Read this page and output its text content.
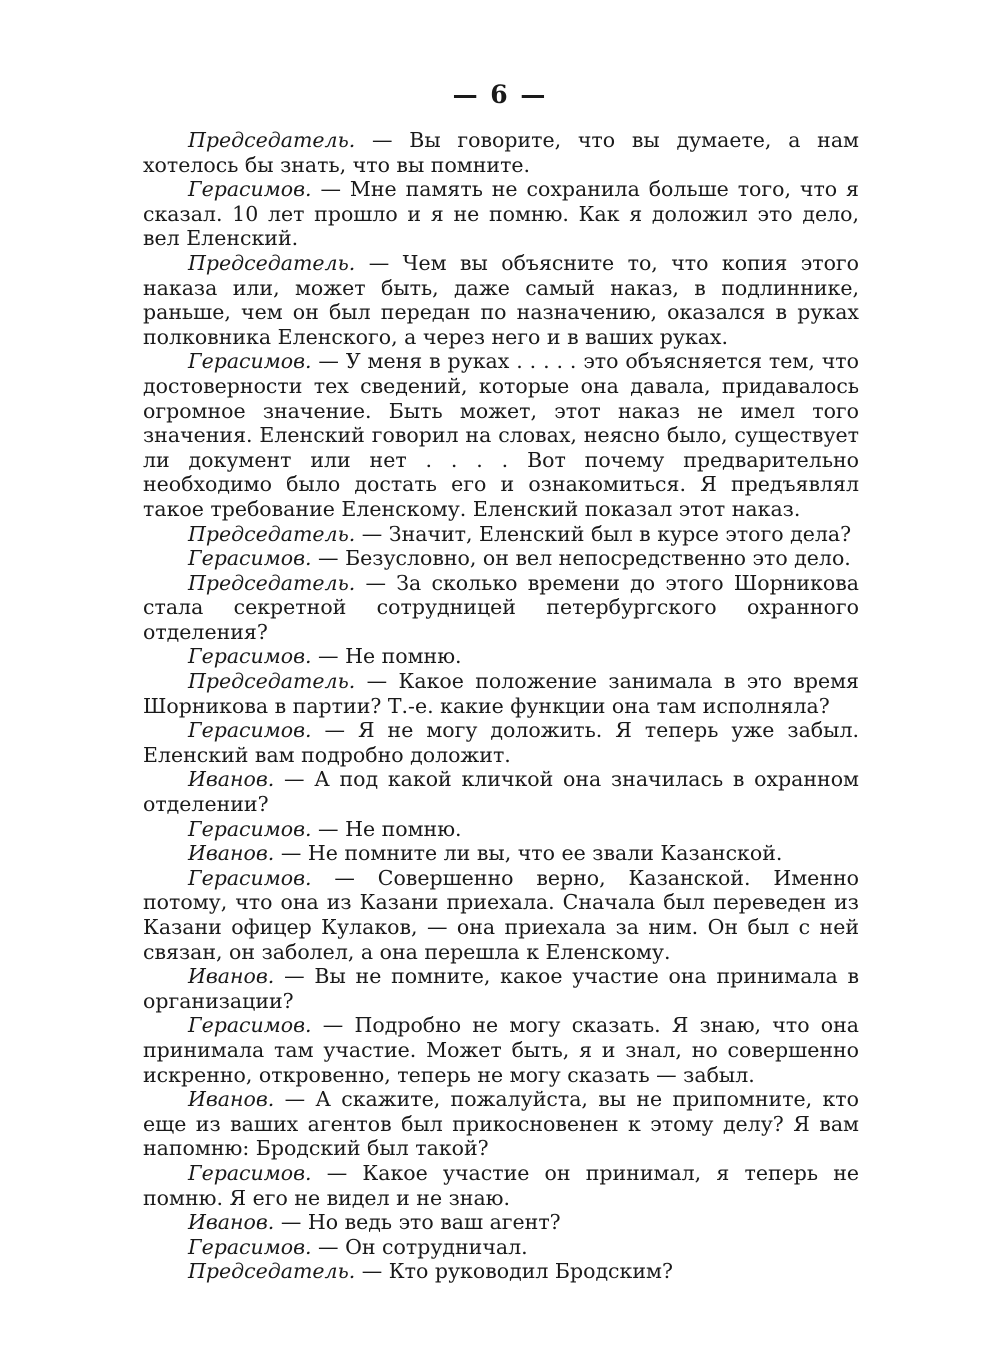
— 6 —

Председатель. — Вы говорите, что вы думаете, а нам хотелось бы знать, что вы помните.

Герасимов. — Мне память не сохранила больше того, что я сказал. 10 лет прошло и я не помню. Как я доложил это дело, вел Еленский.

Председатель. — Чем вы объясните то, что копия этого наказа или, может быть, даже самый наказ, в подлиннике, раньше, чем он был передан по назначению, оказался в руках полковника Еленского, а через него и в ваших руках.

Герасимов. — У меня в руках . . . . . это объясняется тем, что достоверности тех сведений, которые она давала, придавалось огромное значение. Быть может, этот наказ не имел того значения. Еленский говорил на словах, неясно было, существует ли документ или нет . . . . Вот почему предварительно необходимо было достать его и ознакомиться. Я предъявлял такое требование Еленскому. Еленский показал этот наказ.

Председатель. — Значит, Еленский был в курсе этого дела?

Герасимов. — Безусловно, он вел непосредственно это дело.

Председатель. — За сколько времени до этого Шорникова стала секретной сотрудницей петербургского охранного отделения?

Герасимов. — Не помню.

Председатель. — Какое положение занимала в это время Шорникова в партии? Т.-е. какие функции она там исполняла?

Герасимов. — Я не могу доложить. Я теперь уже забыл. Еленский вам подробно доложит.

Иванов. — А под какой кличкой она значилась в охранном отделении?

Герасимов. — Не помню.

Иванов. — Не помните ли вы, что ее звали Казанской.

Герасимов. — Совершенно верно, Казанской. Именно потому, что она из Казани приехала. Сначала был переведен из Казани офицер Кулаков, — она приехала за ним. Он был с ней связан, он заболел, а она перешла к Еленскому.

Иванов. — Вы не помните, какое участие она принимала в организации?

Герасимов. — Подробно не могу сказать. Я знаю, что она принимала там участие. Может быть, я и знал, но совершенно искренно, откровенно, теперь не могу сказать — забыл.

Иванов. — А скажите, пожалуйста, вы не припомните, кто еще из ваших агентов был прикосновенен к этому делу? Я вам напомню: Бродский был такой?

Герасимов. — Какое участие он принимал, я теперь не помню. Я его не видел и не знаю.

Иванов. — Но ведь это ваш агент?

Герасимов. — Он сотрудничал.

Председатель. — Кто руководил Бродским?
